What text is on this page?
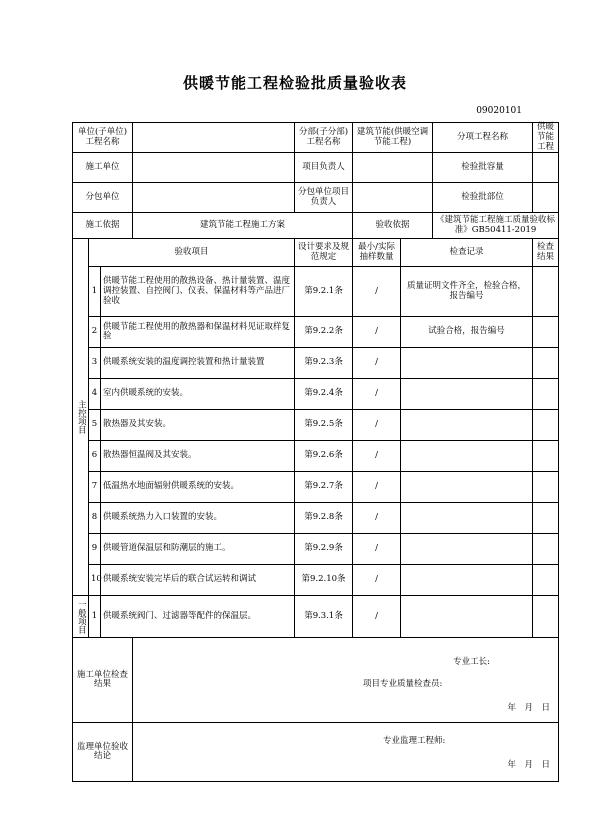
供暖节能工程检验批质量验收表
09020101
单位(子单位)工程名称				分部(子分部)工程名称	建筑节能(供暖空调节能工程)		分项工程名称	供暖节能工程
施工单位				项目负责人			检验批容量	
分包单位				分包单位项目负责人			检验批部位	
施工依据			建筑节能工程施工方案		验收依据		《建筑节能工程施工质量验收标准》GB50411-2019	
主控项目	验收项目			设计要求及规范规定	最小/实际抽样数量	检查记录		检查结果
	1	供暖节能工程使用的散热设备、热计量装置、温度调控装置、自控阀门、仪表、保温材料等产品进厂验收		第9.2.1条	/	质量证明文件齐全，检验合格，报告编号		
	2	供暖节能工程使用的散热器和保温材料见证取样复验		第9.2.2条	/	试验合格，报告编号		
	3	供暖系统安装的温度调控装置和热计量装置		第9.2.3条	/			
	4	室内供暖系统的安装。		第9.2.4条	/			
	5	散热器及其安装。		第9.2.5条	/			
	6	散热器恒温阀及其安装。		第9.2.6条	/			
	7	低温热水地面辐射供暖系统的安装。		第9.2.7条	/			
	8	供暖系统热力入口装置的安装。		第9.2.8条	/			
	9	供暖管道保温层和防潮层的施工。		第9.2.9条	/			
	10	供暖系统安装完毕后的联合试运转和调试		第9.2.10条	/			
一般项目	1	供暖系统阀门、过滤器等配件的保温层。		第9.3.1条	/			
施工单位检查结果			专业工长:
项目专业质量检查员:
年　月　日					

监理单位验收结论			专业监理工程师:
年　月　日					
